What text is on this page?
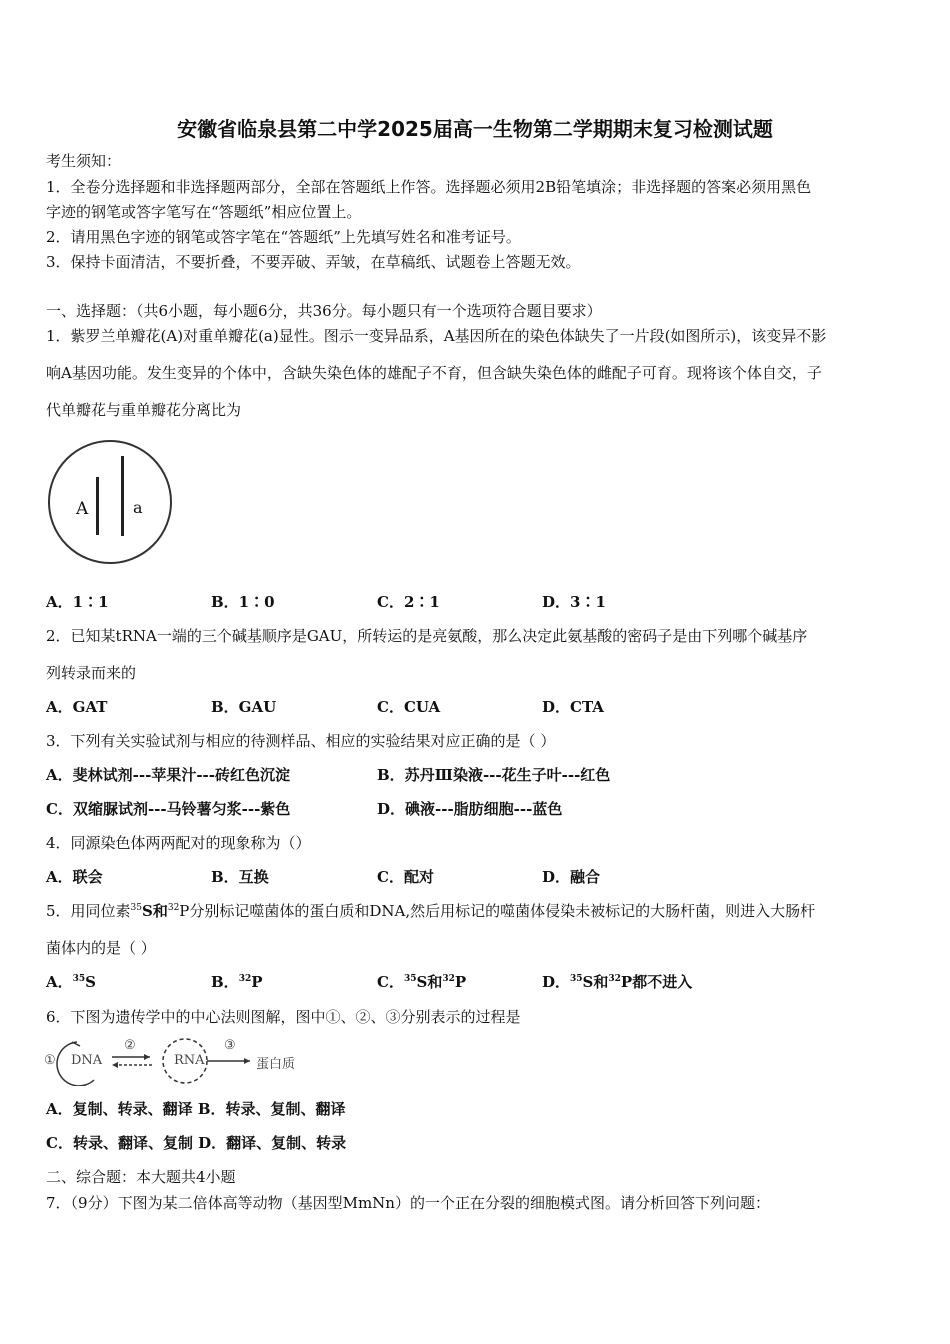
安徽省临泉县第二中学2025届高一生物第二学期期末复习检测试题
考生须知：
1．全卷分选择题和非选择题两部分，全部在答题纸上作答。选择题必须用2B铅笔填涂；非选择题的答案必须用黑色
字迹的钢笔或答字笔写在“答题纸”相应位置上。
2．请用黑色字迹的钢笔或答字笔在“答题纸”上先填写姓名和准考证号。
3．保持卡面清洁，不要折叠，不要弄破、弄皱，在草稿纸、试题卷上答题无效。
一、选择题：（共6小题，每小题6分，共36分。每小题只有一个选项符合题目要求）
1．紫罗兰单瓣花(A)对重单瓣花(a)显性。图示一变异品系，A基因所在的染色体缺失了一片段(如图所示)，该变异不影
响A基因功能。发生变异的个体中，含缺失染色体的雄配子不育，但含缺失染色体的雌配子可育。现将该个体自交，子
代单瓣花与重单瓣花分离比为
A	a
A．1∶1	B．1∶0	C．2∶1	D．3∶1
2．已知某tRNA一端的三个碱基顺序是GAU，所转运的是亮氨酸，那么决定此氨基酸的密码子是由下列哪个碱基序
列转录而来的
A．GAT	B．GAU	C．CUA	D．CTA
3．下列有关实验试剂与相应的待测样品、相应的实验结果对应正确的是（ ）
A．斐林试剂---苹果汁---砖红色沉淀	B．苏丹Ⅲ染液---花生子叶---红色
C．双缩脲试剂---马铃薯匀浆---紫色	D．碘液---脂肪细胞---蓝色
4．同源染色体两两配对的现象称为（）
A．联会	B．互换	C．配对	D．融合
5．用同位素$^{35}$S和$^{32}$P分别标记噬菌体的蛋白质和DNA,然后用标记的噬菌体侵染未被标记的大肠杆菌，则进入大肠杆
菌体内的是（ ）
A．$^{35}$S	B．$^{32}$P	C．$^{35}$S和$^{32}$P	D．$^{35}$S和$^{32}$P都不进入
6．下图为遗传学中的中心法则图解，图中①、②、③分别表示的过程是
① DNA
②
RNA
③
蛋白质
A．复制、转录、翻译 B．转录、复制、翻译
C．转录、翻译、复制 D．翻译、复制、转录
二、综合题：本大题共4小题
7．（9分）下图为某二倍体高等动物（基因型MmNn）的一个正在分裂的细胞模式图。请分析回答下列问题：
